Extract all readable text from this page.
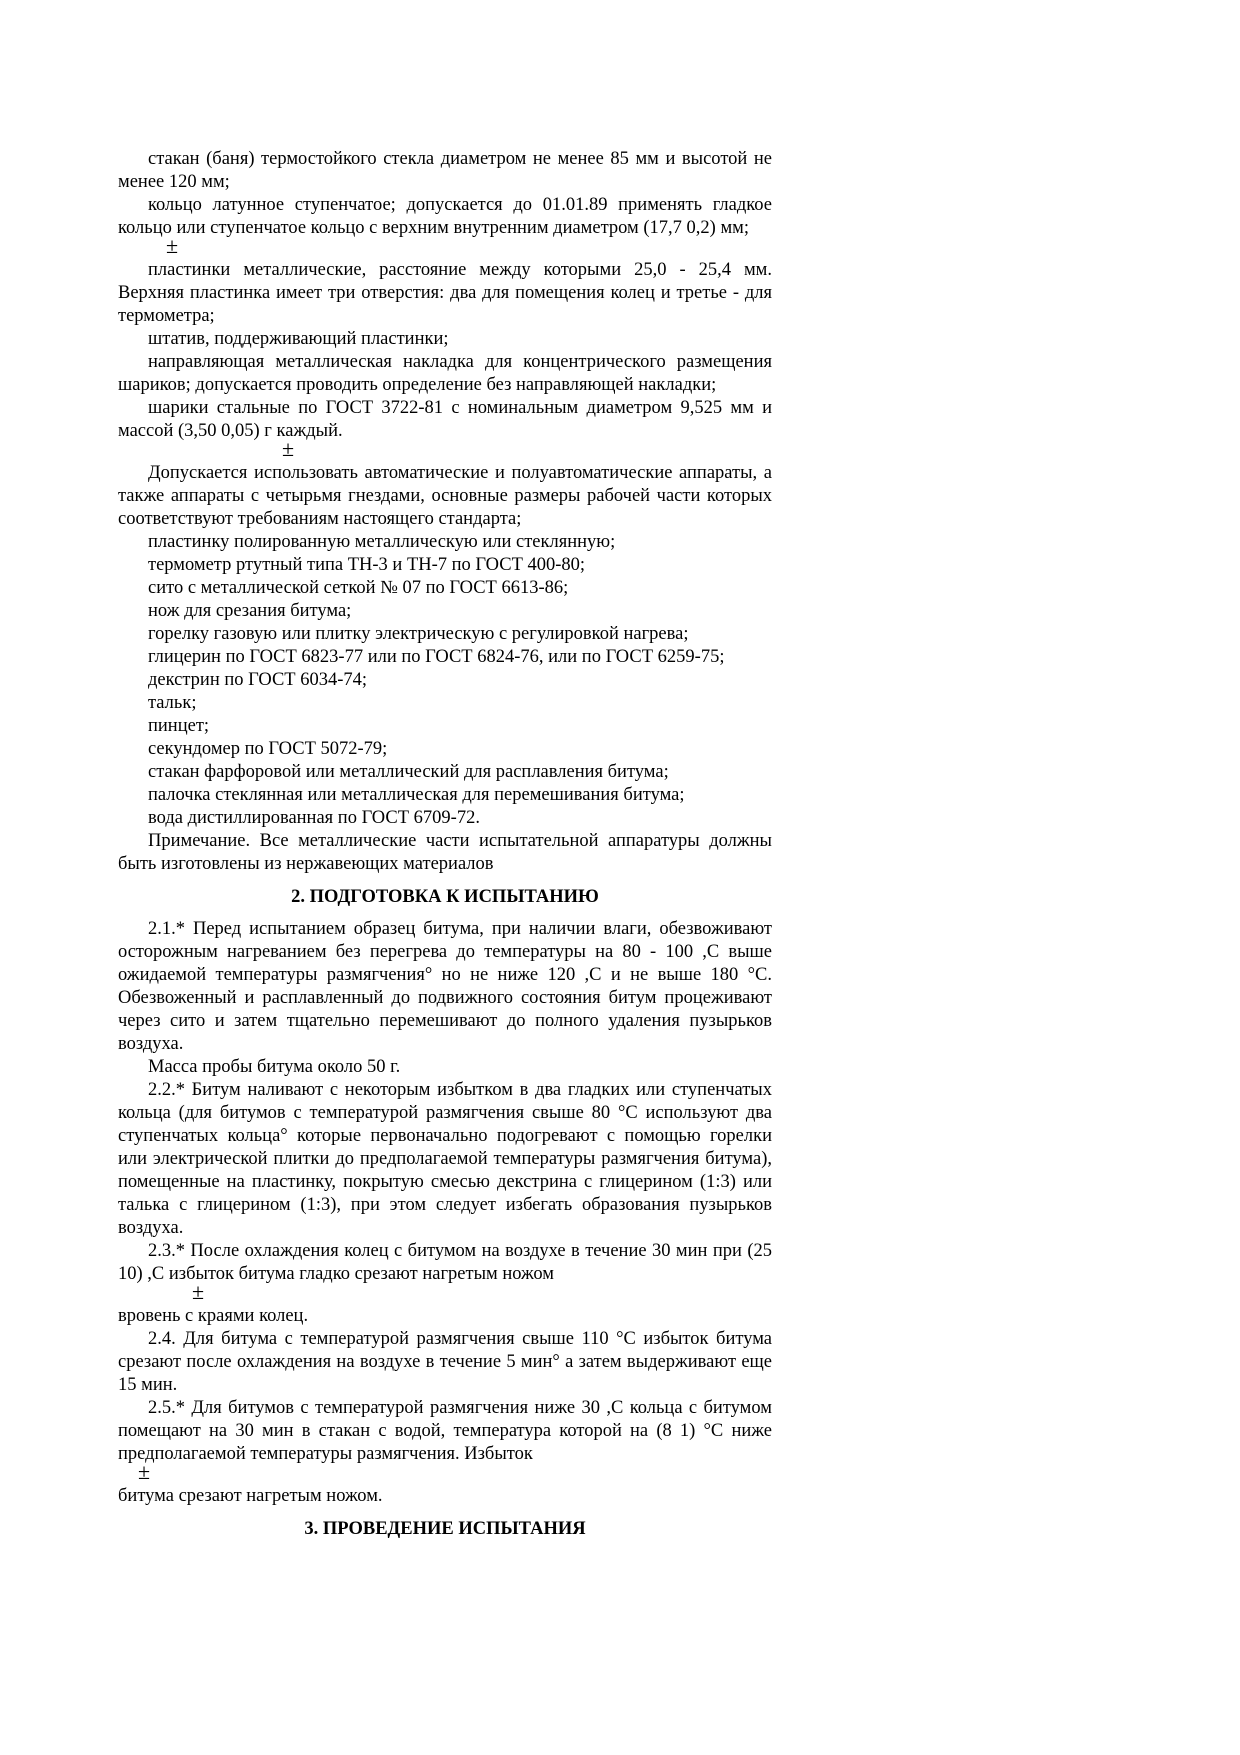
стакан (баня) термостойкого стекла диаметром не менее 85 мм и высотой не менее 120 мм;

кольцо латунное ступенчатое; допускается до 01.01.89 применять гладкое кольцо или ступенчатое кольцо с верхним внутренним диаметром (17,7 0,2) мм;

±

пластинки металлические, расстояние между которыми 25,0 - 25,4 мм. Верхняя пластинка имеет три отверстия: два для помещения колец и третье - для термометра;

штатив, поддерживающий пластинки;

направляющая металлическая накладка для концентрического размещения шариков; допускается проводить определение без направляющей накладки;

шарики стальные по ГОСТ 3722-81 с номинальным диаметром 9,525 мм и массой (3,50 0,05) г каждый.

±

Допускается использовать автоматические и полуавтоматические аппараты, а также аппараты с четырьмя гнездами, основные размеры рабочей части которых соответствуют требованиям настоящего стандарта;

пластинку полированную металлическую или стеклянную;

термометр ртутный типа ТН-3 и ТН-7 по ГОСТ 400-80;

сито с металлической сеткой № 07 по ГОСТ 6613-86;

нож для срезания битума;

горелку газовую или плитку электрическую с регулировкой нагрева;

глицерин по ГОСТ 6823-77 или по ГОСТ 6824-76, или по ГОСТ 6259-75;

декстрин по ГОСТ 6034-74;

тальк;

пинцет;

секундомер по ГОСТ 5072-79;

стакан фарфоровой или металлический для расплавления битума;

палочка стеклянная или металлическая для перемешивания битума;

вода дистиллированная по ГОСТ 6709-72.

Примечание. Все металлические части испытательной аппаратуры должны быть изготовлены из нержавеющих материалов

2. ПОДГОТОВКА К ИСПЫТАНИЮ

2.1.* Перед испытанием образец битума, при наличии влаги, обезвоживают осторожным нагреванием без перегрева до температуры на 80 - 100 ,С выше ожидаемой температуры размягчения° но не ниже 120 ,С и не выше 180 °С. Обезвоженный и расплавленный до подвижного состояния битум процеживают через сито и затем тщательно перемешивают до полного удаления пузырьков воздуха.

Масса пробы битума около 50 г.

2.2.* Битум наливают с некоторым избытком в два гладких или ступенчатых кольца (для битумов с температурой размягчения свыше 80 °С используют два ступенчатых кольца° которые первоначально подогревают с помощью горелки или электрической плитки до предполагаемой температуры размягчения битума), помещенные на пластинку, покрытую смесью декстрина с глицерином (1:3) или талька с глицерином (1:3), при этом следует избегать образования пузырьков воздуха.

2.3.* После охлаждения колец с битумом на воздухе в течение 30 мин при (25 10) ,С избыток битума гладко срезают нагретым ножом

±

вровень с краями колец.

2.4. Для битума с температурой размягчения свыше 110 °С избыток битума срезают после охлаждения на воздухе в течение 5 мин° а затем выдерживают еще 15 мин.

2.5.* Для битумов с температурой размягчения ниже 30 ,С кольца с битумом помещают на 30 мин в стакан с водой, температура которой на (8 1) °С ниже предполагаемой температуры размягчения. Избыток

±

битума срезают нагретым ножом.

3. ПРОВЕДЕНИЕ ИСПЫТАНИЯ
